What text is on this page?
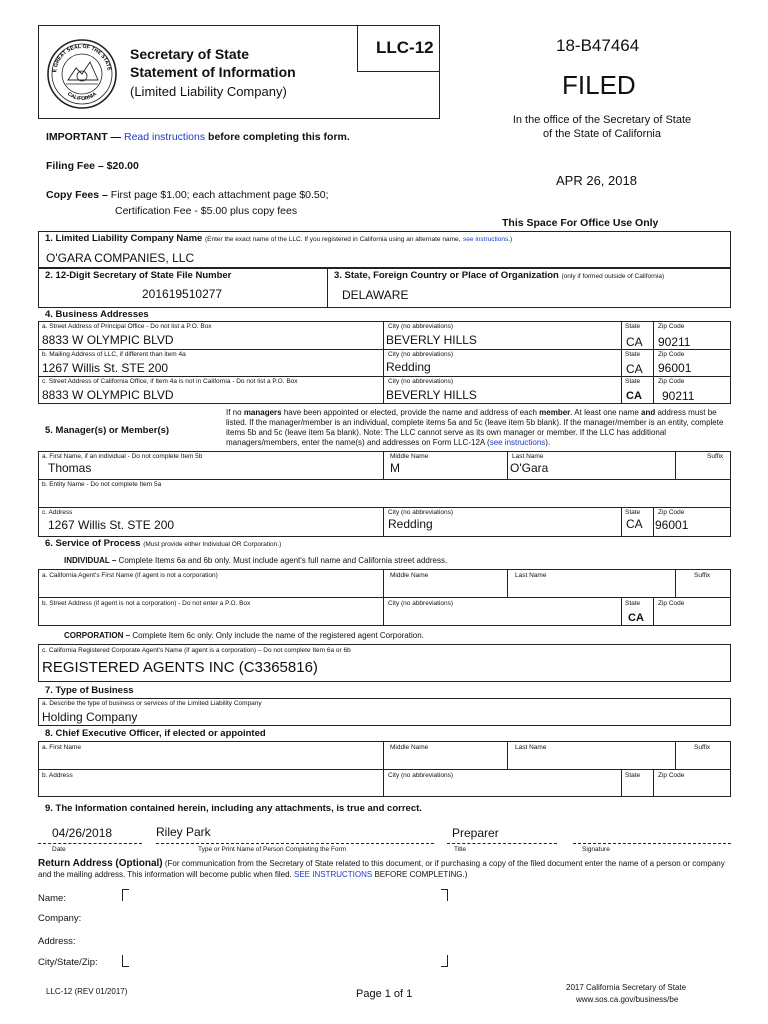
LLC-12
E GREAT SEAL OF THE STATE
CALIFORNIA
Secretary of State
Statement of Information
(Limited Liability Company)
18-B47464
FILED
In the office of the Secretary of State
of the State of California
APR 26, 2018
This Space For Office Use Only
IMPORTANT — Read instructions before completing this form.
Filing Fee – $20.00
Copy Fees – First page $1.00; each attachment page $0.50;
Certification Fee - $5.00 plus copy fees
1. Limited Liability Company Name (Enter the exact name of the LLC. If you registered in California using an alternate name, see instructions.)
O'GARA COMPANIES, LLC
2. 12-Digit Secretary of State File Number
201619510277
3. State, Foreign Country or Place of Organization (only if formed outside of California)
DELAWARE
4. Business Addresses
a. Street Address of Principal Office - Do not list a P.O. Box
8833 W OLYMPIC BLVD
City (no abbreviations)
BEVERLY HILLS
State
CA
Zip Code
90211
b. Mailing Address of LLC, if different than item 4a
1267 Willis St. STE 200
City (no abbreviations)
Redding
State
CA
Zip Code
96001
c. Street Address of California Office, if Item 4a is not in California - Do not list a P.O. Box
8833 W OLYMPIC BLVD
City (no abbreviations)
BEVERLY HILLS
State
CA
Zip Code
90211
5. Manager(s) or Member(s)
If no managers have been appointed or elected, provide the name and address of each member. At least one name and address must be listed. If the manager/member is an individual, complete items 5a and 5c (leave item 5b blank). If the manager/member is an entity, complete items 5b and 5c (leave item 5a blank). Note: The LLC cannot serve as its own manager or member. If the LLC has additional managers/members, enter the name(s) and addresses on Form LLC-12A (see instructions).
a. First Name, if an individual - Do not complete Item 5b
Thomas
Middle Name
M
Last Name
O'Gara
Suffix
b. Entity Name - Do not complete Item 5a
c. Address
1267 Willis St. STE 200
City (no abbreviations)
Redding
State
CA
Zip Code
96001
6. Service of Process (Must provide either Individual OR Corporation.)
INDIVIDUAL – Complete Items 6a and 6b only. Must include agent's full name and California street address.
a. California Agent's First Name (if agent is not a corporation)	Middle Name	Last Name	Suffix
b. Street Address (if agent is not a corporation) - Do not enter a P.O. Box	City (no abbreviations)	State
CA
Zip Code
CORPORATION – Complete Item 6c only. Only include the name of the registered agent Corporation.
c. California Registered Corporate Agent's Name (if agent is a corporation) – Do not complete Item 6a or 6b
REGISTERED AGENTS INC (C3365816)
7. Type of Business
a. Describe the type of business or services of the Limited Liability Company
Holding Company
8. Chief Executive Officer, if elected or appointed
a. First Name	Middle Name	Last Name	Suffix
b. Address	City (no abbreviations)	State	Zip Code
9. The Information contained herein, including any attachments, is true and correct.
04/26/2018	Riley Park	Preparer
Date	Type or Print Name of Person Completing the Form	Title	Signature
Return Address (Optional) (For communication from the Secretary of State related to this document, or if purchasing a copy of the filed document enter the name of a person or company and the mailing address. This information will become public when filed. SEE INSTRUCTIONS BEFORE COMPLETING.)
Name:
Company:
Address:
City/State/Zip:
LLC-12 (REV 01/2017)	Page 1 of 1
2017 California Secretary of State
www.sos.ca.gov/business/be
